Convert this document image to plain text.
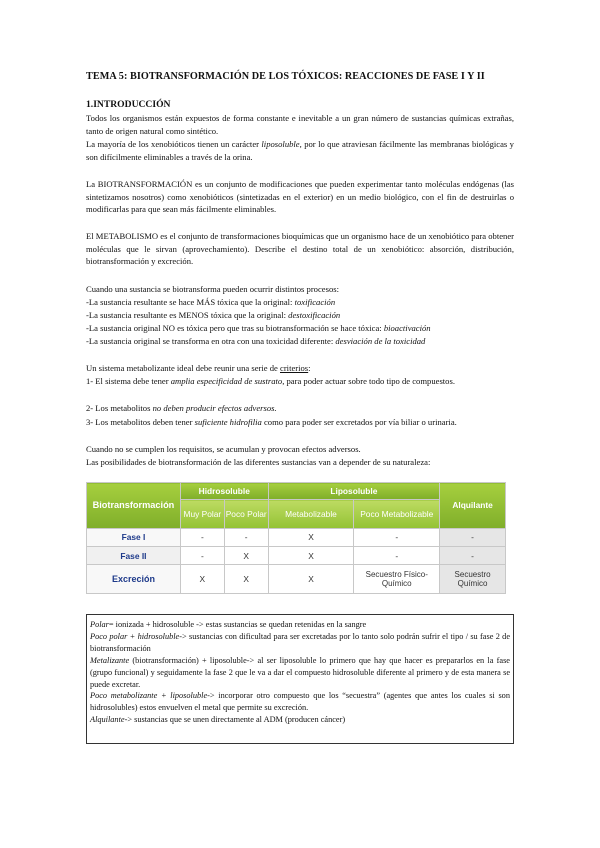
TEMA 5: BIOTRANSFORMACIÓN DE LOS TÓXICOS: REACCIONES DE FASE I Y II
1.INTRODUCCIÓN
Todos los organismos están expuestos de forma constante e inevitable a un gran número de sustancias químicas extrañas, tanto de origen natural como sintético.
La mayoría de los xenobióticos tienen un carácter liposoluble, por lo que atraviesan fácilmente las membranas biológicas y son difícilmente eliminables a través de la orina.
La BIOTRANSFORMACIÓN es un conjunto de modificaciones que pueden experimentar tanto moléculas endógenas (las sintetizamos nosotros) como xenobióticos (sintetizadas en el exterior) en un medio biológico, con el fin de destruirlas o modificarlas para que sean más fácilmente eliminables.
El METABOLISMO es el conjunto de transformaciones bioquímicas que un organismo hace de un xenobiótico para obtener moléculas que le sirvan (aprovechamiento). Describe el destino total de un xenobiótico: absorción, distribución, biotransformación y excreción.
Cuando una sustancia se biotransforma pueden ocurrir distintos procesos:
-La sustancia resultante se hace MÁS tóxica que la original: toxificación
-La sustancia resultante es MENOS tóxica que la original: destoxificación
-La sustancia original NO es tóxica pero que tras su biotransformación se hace tóxica: bioactivación
-La sustancia original se transforma en otra con una toxicidad diferente: desviación de la toxicidad
Un sistema metabolizante ideal debe reunir una serie de criterios:
1- El sistema debe tener amplia especificidad de sustrato, para poder actuar sobre todo tipo de compuestos.
2- Los metabolitos no deben producir efectos adversos.
3- Los metabolitos deben tener suficiente hidrofilia como para poder ser excretados por vía biliar o urinaria.
Cuando no se cumplen los requisitos, se acumulan y provocan efectos adversos.
Las posibilidades de biotransformación de las diferentes sustancias van a depender de su naturaleza:
Biotransformación	Hidrosoluble		Liposoluble		Alquilante
	Muy Polar	Poco Polar	Metabolizable	Poco Metabolizable	
Fase I	-	-	X	-	-
Fase II	-	X	X	-	-
Excreción	X	X	X	Secuestro Físico-Químico	Secuestro Químico
Polar= ionizada + hidrosoluble -> estas sustancias se quedan retenidas en la sangre
Poco polar + hidrosoluble-> sustancias con dificultad para ser excretadas por lo tanto solo podrán sufrir el tipo / su fase 2 de biotransformación
Metalizante (biotransformación) + liposoluble-> al ser liposoluble lo primero que hay que hacer es prepararlos en la fase (grupo funcional) y seguidamente la fase 2 que le va a dar el compuesto hidrosoluble diferente al primero y de esta manera se puede excretar.
Poco metabolizante + liposoluble-> incorporar otro compuesto que los “secuestra” (agentes que antes los cuales si son hidrosolubles) estos envuelven el metal que permite su excreción.
Alquilante-> sustancias que se unen directamente al ADM (producen cáncer)
